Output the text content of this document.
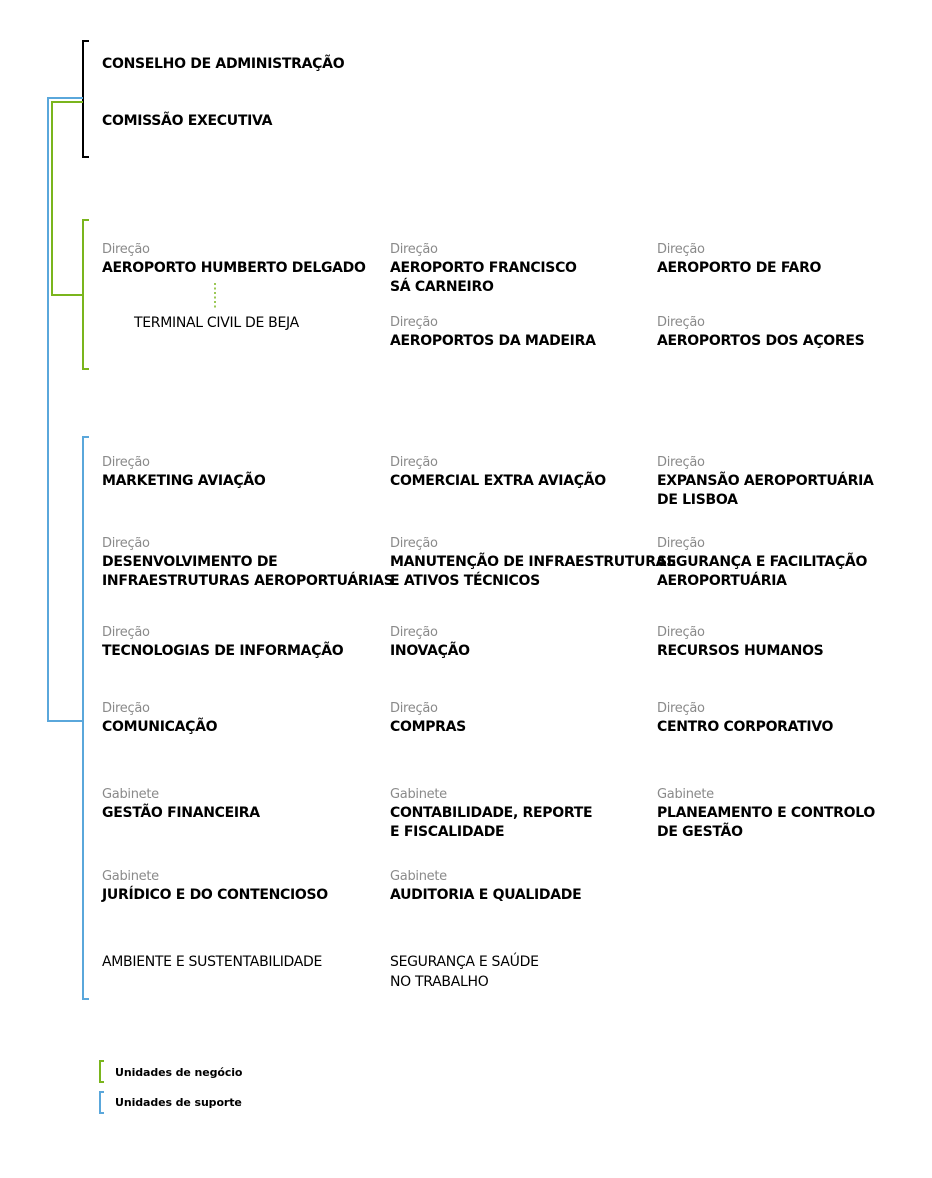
CONSELHO DE ADMINISTRAÇÃO
COMISSÃO EXECUTIVA
Direção
AEROPORTO HUMBERTO DELGADO
Direção
AEROPORTO FRANCISCO
SÁ CARNEIRO
Direção
AEROPORTO DE FARO
TERMINAL CIVIL DE BEJA	Direção
AEROPORTOS DA MADEIRA
Direção
AEROPORTOS DOS AÇORES
Direção
MARKETING AVIAÇÃO
Direção
COMERCIAL EXTRA AVIAÇÃO
Direção
EXPANSÃO AEROPORTUÁRIA
DE LISBOA
Direção
DESENVOLVIMENTO DE
INFRAESTRUTURAS AEROPORTUÁRIAS
Direção
MANUTENÇÃO DE INFRAESTRUTURAS
E ATIVOS TÉCNICOS
Direção
SEGURANÇA E FACILITAÇÃO
AEROPORTUÁRIA
Direção
TECNOLOGIAS DE INFORMAÇÃO
Direção
INOVAÇÃO
Direção
RECURSOS HUMANOS
Direção
COMUNICAÇÃO
Direção
COMPRAS
Direção
CENTRO CORPORATIVO
Gabinete
GESTÃO FINANCEIRA
Gabinete
CONTABILIDADE, REPORTE
E FISCALIDADE
Gabinete
PLANEAMENTO E CONTROLO
DE GESTÃO
Gabinete
JURÍDICO E DO CONTENCIOSO
Gabinete
AUDITORIA E QUALIDADE
AMBIENTE E SUSTENTABILIDADE	SEGURANÇA E SAÚDE
NO TRABALHO
Unidades de negócio
Unidades de suporte
